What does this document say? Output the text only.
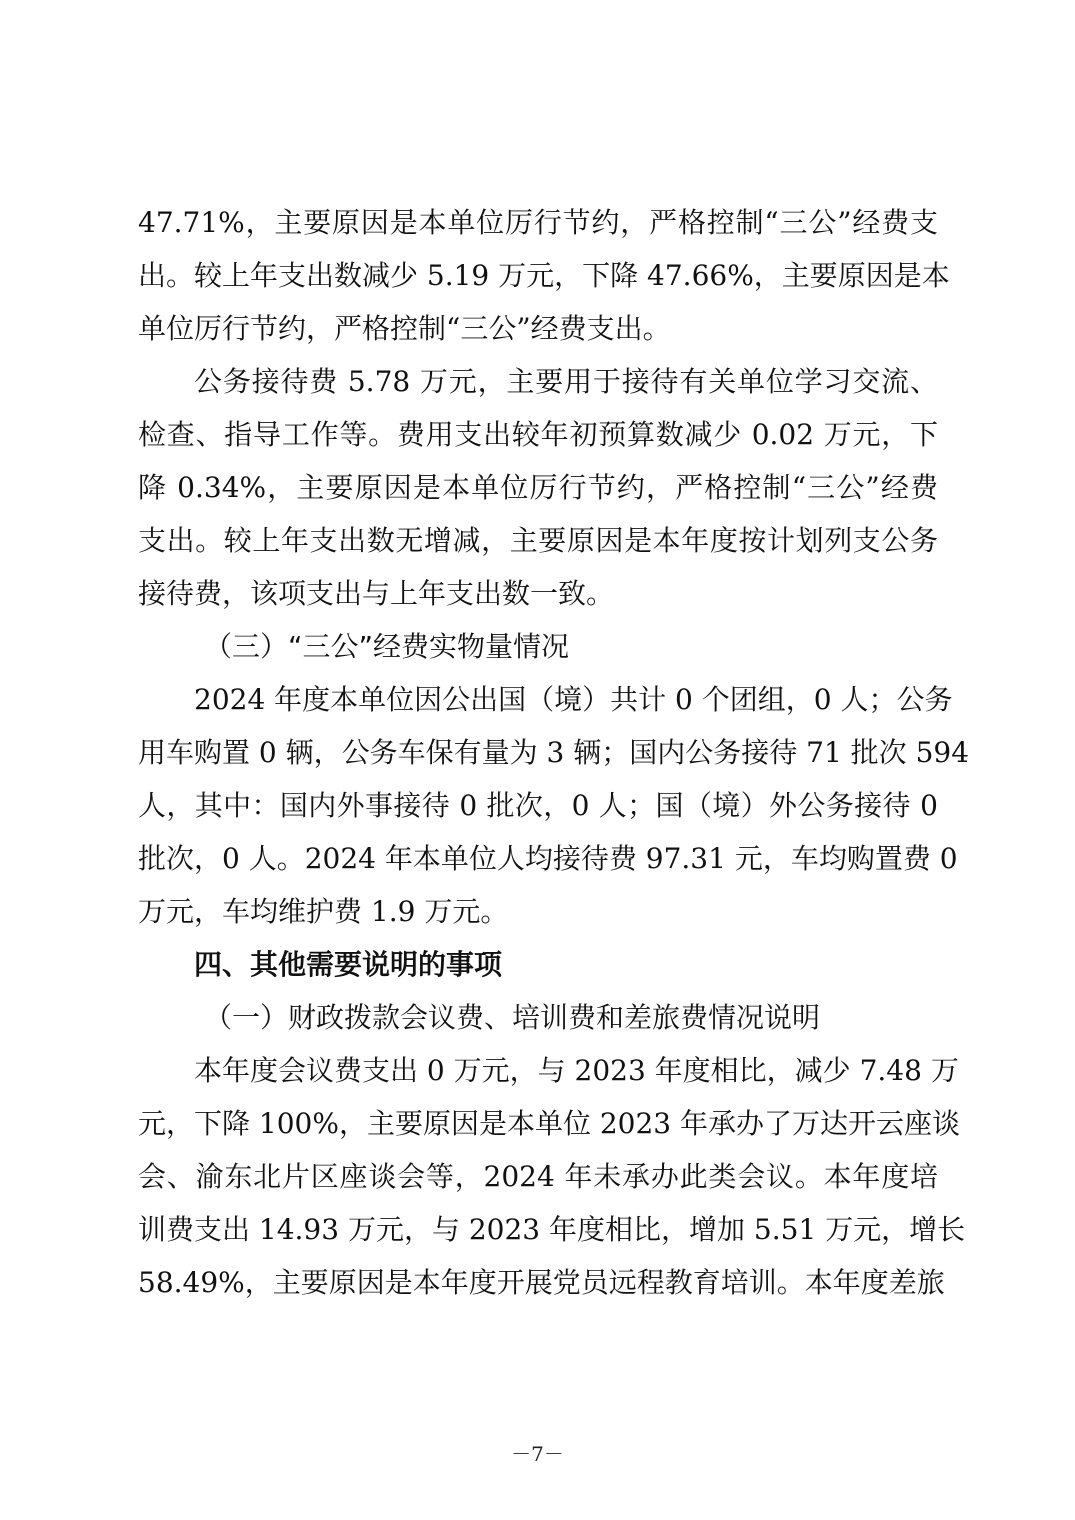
47.71%，主要原因是本单位厉行节约，严格控制“三公”经费支
出。较上年支出数减少 5.19 万元，下降 47.66%，主要原因是本
单位厉行节约，严格控制“三公”经费支出。
公务接待费 5.78 万元，主要用于接待有关单位学习交流、
检查、指导工作等。费用支出较年初预算数减少 0.02 万元，下
降 0.34%，主要原因是本单位厉行节约，严格控制“三公”经费
支出。较上年支出数无增减，主要原因是本年度按计划列支公务
接待费，该项支出与上年支出数一致。
（三）“三公”经费实物量情况
2024 年度本单位因公出国（境）共计 0 个团组，0 人；公务
用车购置 0 辆，公务车保有量为 3 辆；国内公务接待 71 批次 594
人，其中：国内外事接待 0 批次，0 人；国（境）外公务接待 0
批次，0 人。2024 年本单位人均接待费 97.31 元，车均购置费 0
万元，车均维护费 1.9 万元。
四、其他需要说明的事项
（一）财政拨款会议费、培训费和差旅费情况说明
本年度会议费支出 0 万元，与 2023 年度相比，减少 7.48 万
元，下降 100%，主要原因是本单位 2023 年承办了万达开云座谈
会、渝东北片区座谈会等，2024 年未承办此类会议。本年度培
训费支出 14.93 万元，与 2023 年度相比，增加 5.51 万元，增长
58.49%，主要原因是本年度开展党员远程教育培训。本年度差旅
－7－
